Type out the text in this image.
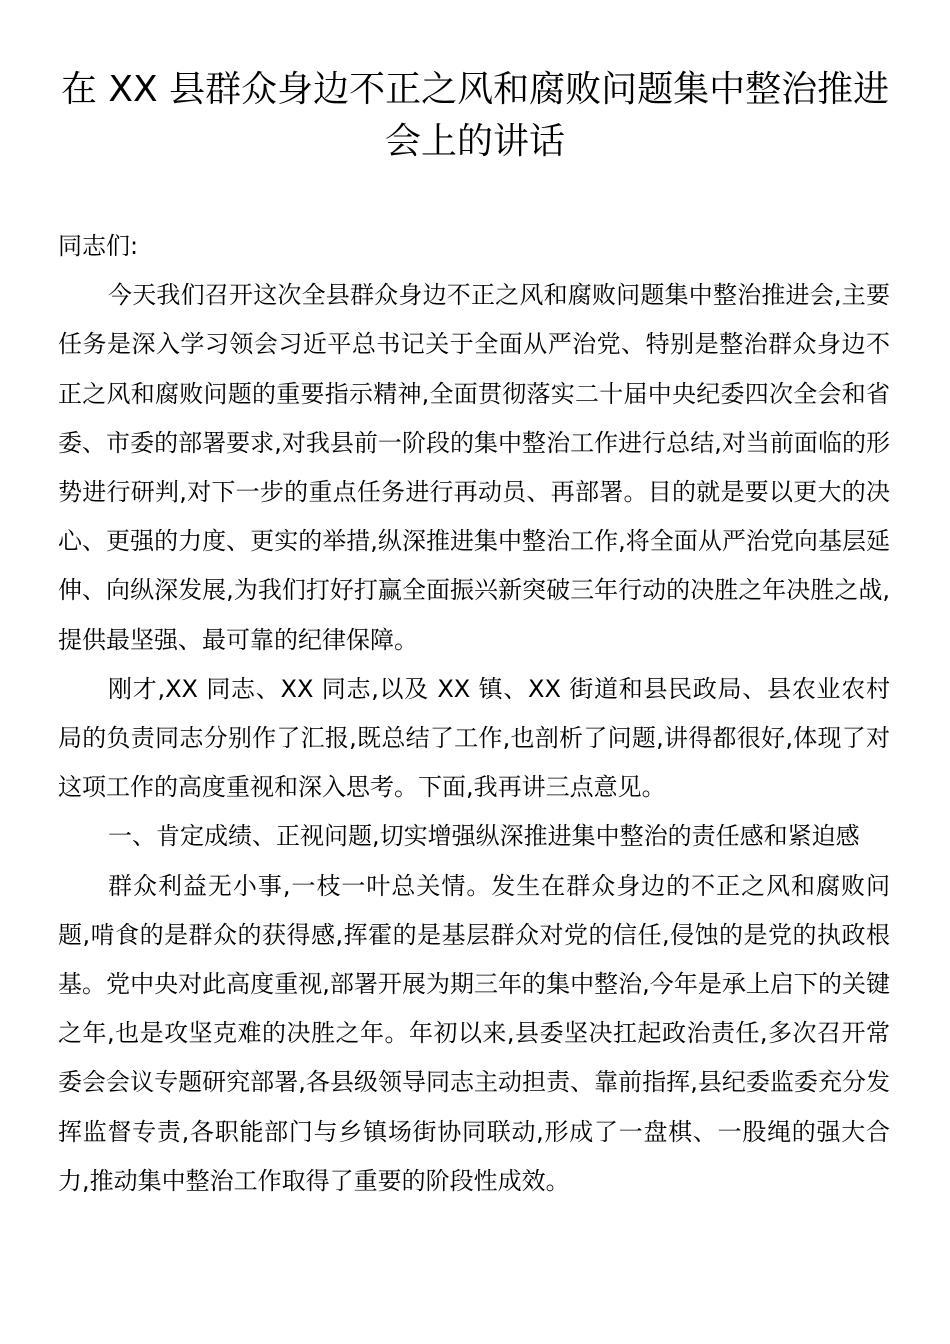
在 XX 县群众身边不正之风和腐败问题集中整治推进会上的讲话

同志们:

今天我们召开这次全县群众身边不正之风和腐败问题集中整治推进会,主要任务是深入学习领会习近平总书记关于全面从严治党、特别是整治群众身边不正之风和腐败问题的重要指示精神,全面贯彻落实二十届中央纪委四次全会和省委、市委的部署要求,对我县前一阶段的集中整治工作进行总结,对当前面临的形势进行研判,对下一步的重点任务进行再动员、再部署。目的就是要以更大的决心、更强的力度、更实的举措,纵深推进集中整治工作,将全面从严治党向基层延伸、向纵深发展,为我们打好打赢全面振兴新突破三年行动的决胜之年决胜之战,提供最坚强、最可靠的纪律保障。

刚才,XX 同志、XX 同志,以及 XX 镇、XX 街道和县民政局、县农业农村局的负责同志分别作了汇报,既总结了工作,也剖析了问题,讲得都很好,体现了对这项工作的高度重视和深入思考。下面,我再讲三点意见。

一、肯定成绩、正视问题,切实增强纵深推进集中整治的责任感和紧迫感

群众利益无小事,一枝一叶总关情。发生在群众身边的不正之风和腐败问题,啃食的是群众的获得感,挥霍的是基层群众对党的信任,侵蚀的是党的执政根基。党中央对此高度重视,部署开展为期三年的集中整治,今年是承上启下的关键之年,也是攻坚克难的决胜之年。年初以来,县委坚决扛起政治责任,多次召开常委会会议专题研究部署,各县级领导同志主动担责、靠前指挥,县纪委监委充分发挥监督专责,各职能部门与乡镇场街协同联动,形成了一盘棋、一股绳的强大合力,推动集中整治工作取得了重要的阶段性成效。
